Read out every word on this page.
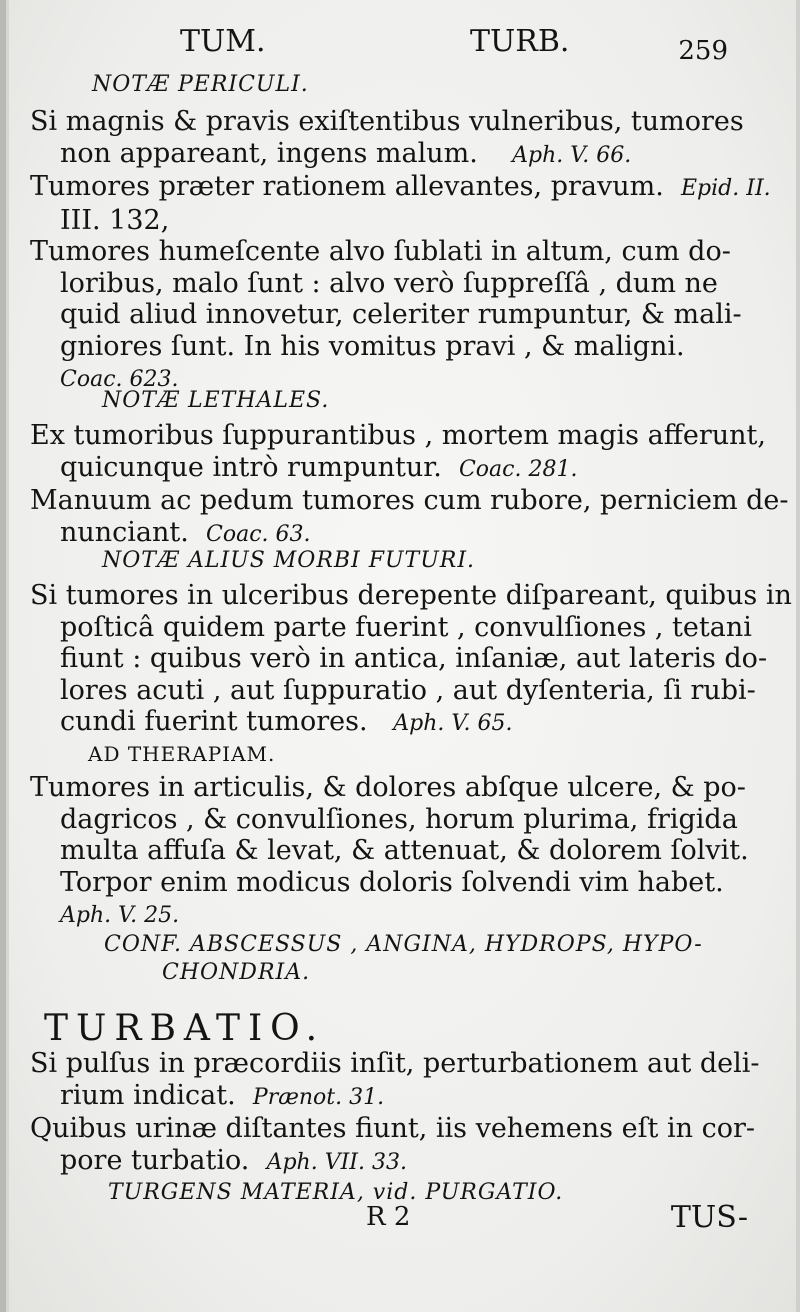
TUM.	TURB.	259
NOTÆ PERICULI.
Si magnis & pravis exiſtentibus vulneribus, tumores
non appareant, ingens malum. Aph. V. 66.
Tumores præter rationem allevantes, pravum. Epid. II.
III. 132,
Tumores humeſcente alvo ſublati in altum, cum do-
loribus, malo ſunt : alvo verò ſuppreſſâ , dum ne
quid aliud innovetur, celeriter rumpuntur, & mali-
gniores ſunt. In his vomitus pravi , & maligni.
Coac. 623.
NOTÆ LETHALES.
Ex tumoribus ſuppurantibus , mortem magis afferunt,
quicunque intrò rumpuntur. Coac. 281.
Manuum ac pedum tumores cum rubore, perniciem de-
nunciant. Coac. 63.
NOTÆ ALIUS MORBI FUTURI.
Si tumores in ulceribus derepente diſpareant, quibus in
poſticâ quidem parte fuerint , convulſiones , tetani
fiunt : quibus verò in antica, inſaniæ, aut lateris do-
lores acuti , aut ſuppuratio , aut dyſenteria, ſi rubi-
cundi fuerint tumores. Aph. V. 65.
AD THERAPIAM.
Tumores in articulis, & dolores abſque ulcere, & po-
dagricos , & convulſiones, horum plurima, frigida
multa affuſa & levat, & attenuat, & dolorem ſolvit.
Torpor enim modicus doloris ſolvendi vim habet.
Aph. V. 25.
CONF. ABSCESSUS , ANGINA, HYDROPS, HYPO-
CHONDRIA.
TURBATIO.
Si pulſus in præcordiis inſit, perturbationem aut deli-
rium indicat. Prænot. 31.
Quibus urinæ diſtantes fiunt, iis vehemens eſt in cor-
pore turbatio. Aph. VII. 33.
TURGENS MATERIA, vid. PURGATIO.
R 2	TUS-
